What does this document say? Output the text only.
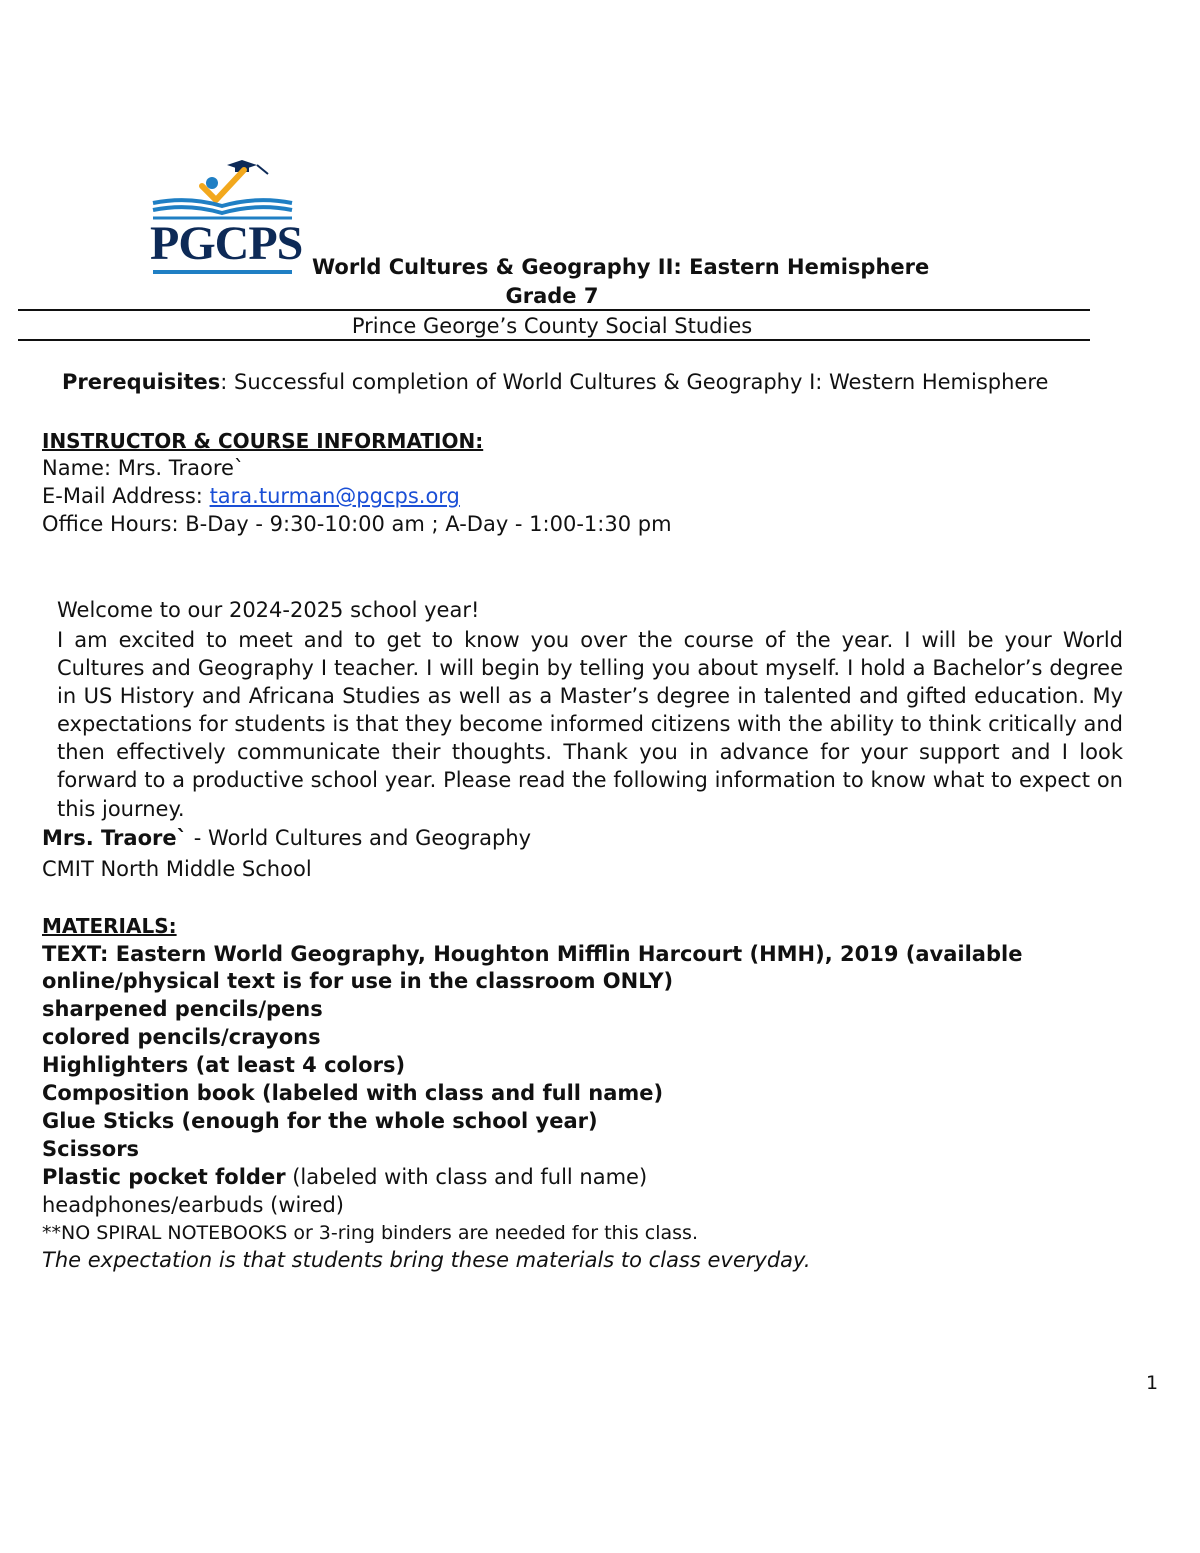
PGCPS World Cultures & Geography II: Eastern Hemisphere
Grade 7
Prince George’s County Social Studies
Prerequisites: Successful completion of World Cultures & Geography I: Western Hemisphere
INSTRUCTOR & COURSE INFORMATION:
Name: Mrs. Traore`
E-Mail Address: tara.turman@pgcps.org
Office Hours: B-Day - 9:30-10:00 am ; A-Day - 1:00-1:30 pm
Welcome to our 2024-2025 school year!
I am excited to meet and to get to know you over the course of the year. I will be your World Cultures and Geography I teacher. I will begin by telling you about myself. I hold a Bachelor’s degree in US History and Africana Studies as well as a Master’s degree in talented and gifted education. My expectations for students is that they become informed citizens with the ability to think critically and then effectively communicate their thoughts. Thank you in advance for your support and I look forward to a productive school year. Please read the following information to know what to expect on this journey.
Mrs. Traore` - World Cultures and Geography
CMIT North Middle School
MATERIALS:
TEXT: Eastern World Geography, Houghton Mifflin Harcourt (HMH), 2019 (available
online/physical text is for use in the classroom ONLY)
sharpened pencils/pens
colored pencils/crayons
Highlighters (at least 4 colors)
Composition book (labeled with class and full name)
Glue Sticks (enough for the whole school year)
Scissors
Plastic pocket folder (labeled with class and full name)
headphones/earbuds (wired)
**NO SPIRAL NOTEBOOKS or 3-ring binders are needed for this class.
The expectation is that students bring these materials to class everyday.
1
